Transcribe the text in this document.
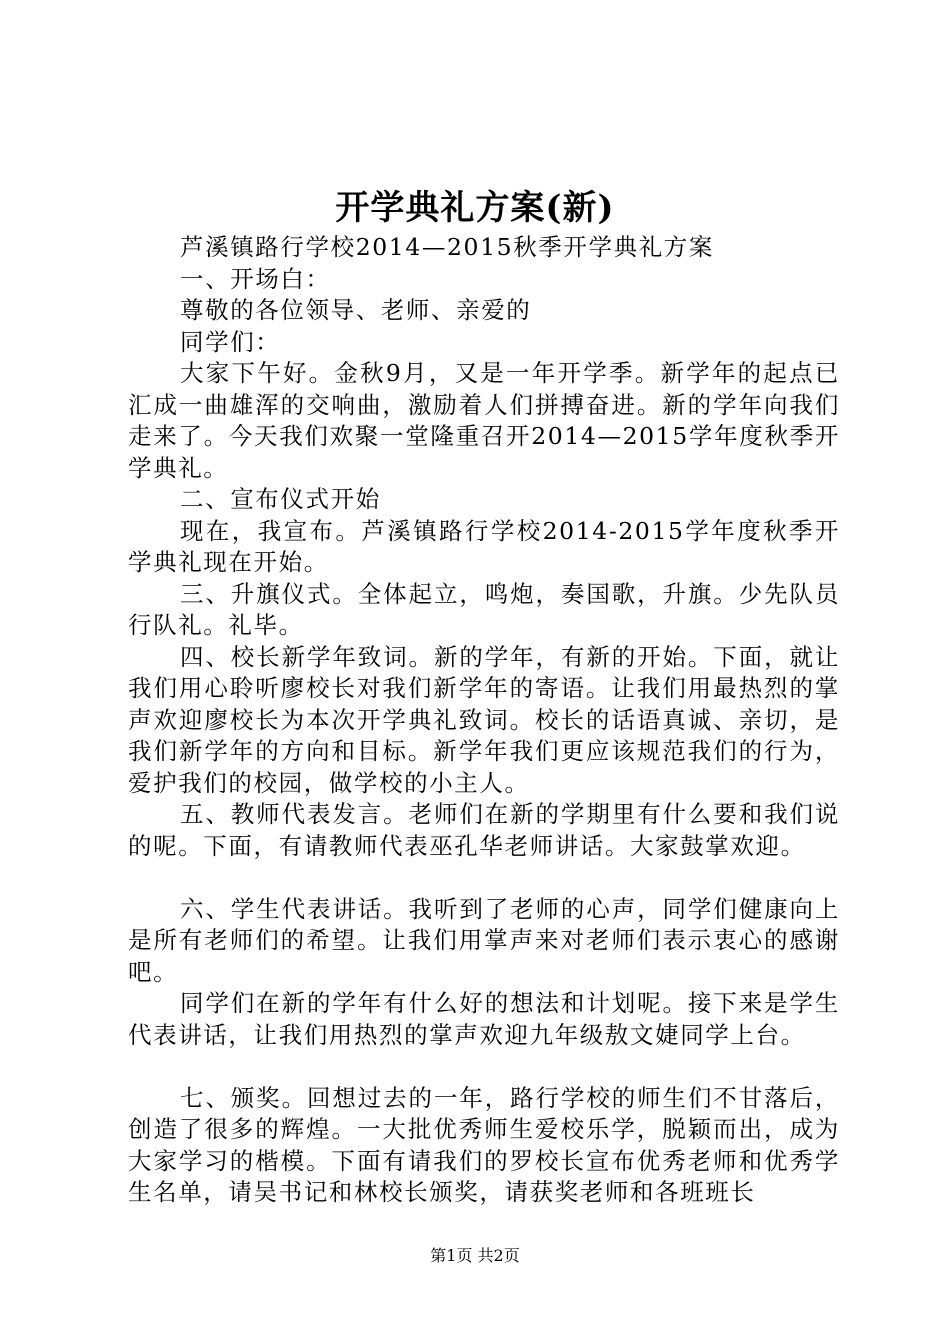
开学典礼方案(新)

芦溪镇路行学校2014—2015秋季开学典礼方案

一、开场白：

尊敬的各位领导、老师、亲爱的

同学们：

大家下午好。金秋9月，又是一年开学季。新学年的起点已汇成一曲雄浑的交响曲，激励着人们拼搏奋进。新的学年向我们走来了。今天我们欢聚一堂隆重召开2014—2015学年度秋季开学典礼。

二、宣布仪式开始

现在，我宣布。芦溪镇路行学校2014-2015学年度秋季开学典礼现在开始。

三、升旗仪式。全体起立，鸣炮，奏国歌，升旗。少先队员行队礼。礼毕。

四、校长新学年致词。新的学年，有新的开始。下面，就让我们用心聆听廖校长对我们新学年的寄语。让我们用最热烈的掌声欢迎廖校长为本次开学典礼致词。校长的话语真诚、亲切，是我们新学年的方向和目标。新学年我们更应该规范我们的行为，爱护我们的校园，做学校的小主人。

五、教师代表发言。老师们在新的学期里有什么要和我们说的呢。下面，有请教师代表巫孔华老师讲话。大家鼓掌欢迎。

六、学生代表讲话。我听到了老师的心声，同学们健康向上是所有老师们的希望。让我们用掌声来对老师们表示衷心的感谢吧。

同学们在新的学年有什么好的想法和计划呢。接下来是学生代表讲话，让我们用热烈的掌声欢迎九年级敖文婕同学上台。

七、颁奖。回想过去的一年，路行学校的师生们不甘落后，创造了很多的辉煌。一大批优秀师生爱校乐学，脱颖而出，成为大家学习的楷模。下面有请我们的罗校长宣布优秀老师和优秀学生名单，请吴书记和林校长颁奖，请获奖老师和各班班长

第1页 共2页
